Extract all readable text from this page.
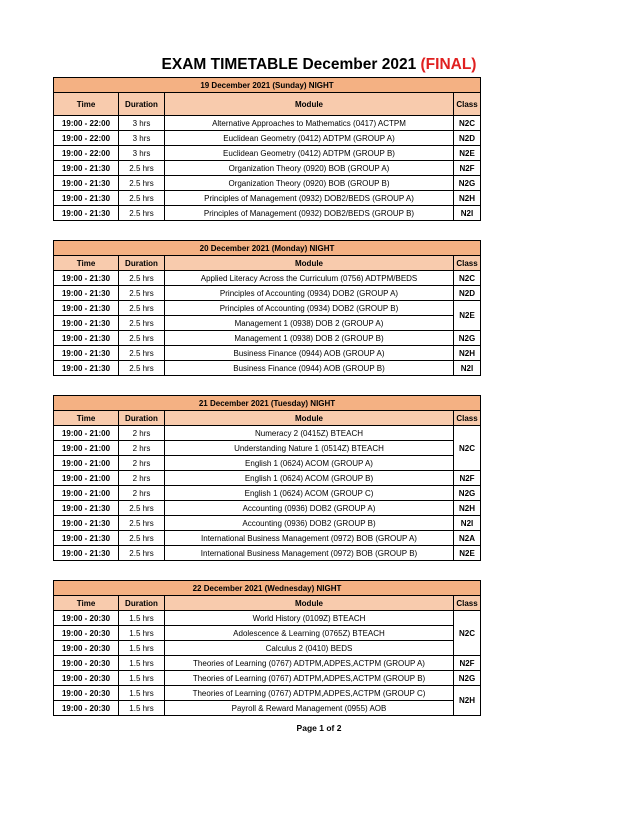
EXAM TIMETABLE December 2021 (FINAL)
19 December 2021 (Sunday) NIGHT			
Time	Duration	Module	Class
19:00 - 22:00	3 hrs	Alternative Approaches to Mathematics (0417) ACTPM	N2C
19:00 - 22:00	3 hrs	Euclidean Geometry (0412) ADTPM (GROUP A)	N2D
19:00 - 22:00	3 hrs	Euclidean Geometry (0412) ADTPM (GROUP B)	N2E
19:00 - 21:30	2.5 hrs	Organization Theory (0920) BOB (GROUP A)	N2F
19:00 - 21:30	2.5 hrs	Organization Theory (0920) BOB (GROUP B)	N2G
19:00 - 21:30	2.5 hrs	Principles of Management (0932) DOB2/BEDS (GROUP A)	N2H
19:00 - 21:30	2.5 hrs	Principles of Management (0932) DOB2/BEDS (GROUP B)	N2I
20 December 2021 (Monday) NIGHT			
Time	Duration	Module	Class
19:00 - 21:30	2.5 hrs	Applied Literacy Across the Curriculum (0756) ADTPM/BEDS	N2C
19:00 - 21:30	2.5 hrs	Principles of Accounting (0934) DOB2 (GROUP A)	N2D
19:00 - 21:30	2.5 hrs	Principles of Accounting (0934) DOB2 (GROUP B)	N2E
19:00 - 21:30	2.5 hrs	Management 1 (0938) DOB 2 (GROUP A)	
19:00 - 21:30	2.5 hrs	Management 1 (0938) DOB 2 (GROUP B)	N2G
19:00 - 21:30	2.5 hrs	Business Finance (0944) AOB (GROUP A)	N2H
19:00 - 21:30	2.5 hrs	Business Finance (0944) AOB (GROUP B)	N2I
21 December 2021 (Tuesday) NIGHT			
Time	Duration	Module	Class
19:00 - 21:00	2 hrs	Numeracy 2 (0415Z) BTEACH	N2C
19:00 - 21:00	2 hrs	Understanding Nature 1 (0514Z) BTEACH	
19:00 - 21:00	2 hrs	English 1 (0624) ACOM (GROUP A)	
19:00 - 21:00	2 hrs	English 1 (0624) ACOM (GROUP B)	N2F
19:00 - 21:00	2 hrs	English 1 (0624) ACOM (GROUP C)	N2G
19:00 - 21:30	2.5 hrs	Accounting (0936) DOB2 (GROUP A)	N2H
19:00 - 21:30	2.5 hrs	Accounting (0936) DOB2 (GROUP B)	N2I
19:00 - 21:30	2.5 hrs	International Business Management (0972) BOB (GROUP A)	N2A
19:00 - 21:30	2.5 hrs	International Business Management (0972) BOB (GROUP B)	N2E
22 December 2021 (Wednesday) NIGHT			
Time	Duration	Module	Class
19:00 - 20:30	1.5 hrs	World History (0109Z) BTEACH	N2C
19:00 - 20:30	1.5 hrs	Adolescence & Learning (0765Z) BTEACH	
19:00 - 20:30	1.5 hrs	Calculus 2 (0410) BEDS	
19:00 - 20:30	1.5 hrs	Theories of Learning (0767) ADTPM,ADPES,ACTPM (GROUP A)	N2F
19:00 - 20:30	1.5 hrs	Theories of Learning (0767) ADTPM,ADPES,ACTPM (GROUP B)	N2G
19:00 - 20:30	1.5 hrs	Theories of Learning (0767) ADTPM,ADPES,ACTPM (GROUP C)	N2H
19:00 - 20:30	1.5 hrs	Payroll & Reward Management (0955) AOB	
Page 1 of 2
